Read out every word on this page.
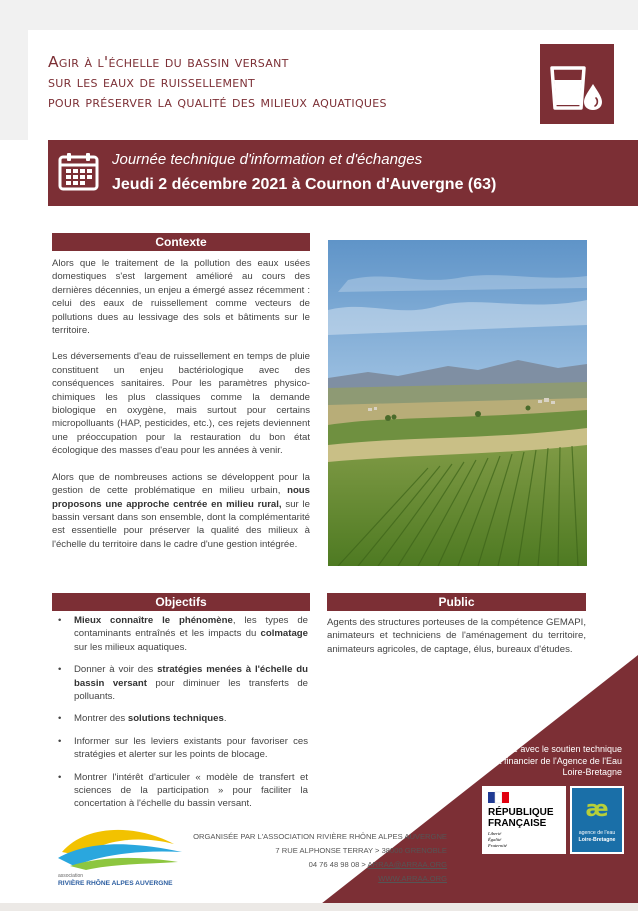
Agir à l'échelle du bassin versant
sur les eaux de ruissellement
pour préserver la qualité des milieux aquatiques
Journée technique d'information et d'échanges
Jeudi 2 décembre 2021 à Cournon d'Auvergne (63)
Contexte

Alors que le traitement de la pollution des eaux usées domestiques s'est largement amélioré au cours des dernières décennies, un enjeu a émergé assez récemment : celui des eaux de ruissellement comme vecteurs de pollutions dues au lessivage des sols et bâtiments sur le territoire.

Les déversements d'eau de ruissellement en temps de pluie constituent un enjeu bactériologique avec des conséquences sanitaires. Pour les paramètres physico-chimiques les plus classiques comme la demande biologique en oxygène, mais surtout pour certains micropolluants (HAP, pesticides, etc.), ces rejets deviennent une préoccupation pour la restauration du bon état écologique des masses d'eau pour les années à venir.

Alors que de nombreuses actions se développent pour la gestion de cette problématique en milieu urbain, nous proposons une approche centrée en milieu rural, sur le bassin versant dans son ensemble, dont la complémentarité est essentielle pour préserver la qualité des milieux à l'échelle du territoire dans le cadre d'une gestion intégrée.

Objectifs
• Mieux connaître le phénomène, les types de contaminants entraînés et les impacts du colmatage sur les milieux aquatiques.
• Donner à voir des stratégies menées à l'échelle du bassin versant pour diminuer les transferts de polluants.
• Montrer des solutions techniques.
• Informer sur les leviers existants pour favoriser ces stratégies et alerter sur les points de blocage.
• Montrer l'intérêt d'articuler « modèle de transfert et sciences de la participation » pour faciliter la concertation à l'échelle du bassin versant.
Public
Agents des structures porteuses de la compétence GEMAPI, animateurs et techniciens de l'aménagement du territoire, animateurs agricoles, de captage, élus, bureaux d'études.
Organisée avec le soutien technique et financier de l'Agence de l'Eau Loire-Bretagne
RÉPUBLIQUE
FRANÇAISE
Liberté
Égalité
Fraternité
æ
agence de l'eau
Loire-Bretagne
association
RIVIÈRE RHÔNE ALPES AUVERGNE
ORGANISÉE PAR L'ASSOCIATION RIVIÈRE RHÔNE ALPES AUVERGNE
7 RUE ALPHONSE TERRAY > 38000 GRENOBLE
04 76 48 98 08 > ARRAA@ARRAA.ORG
WWW.ARRAA.ORG
